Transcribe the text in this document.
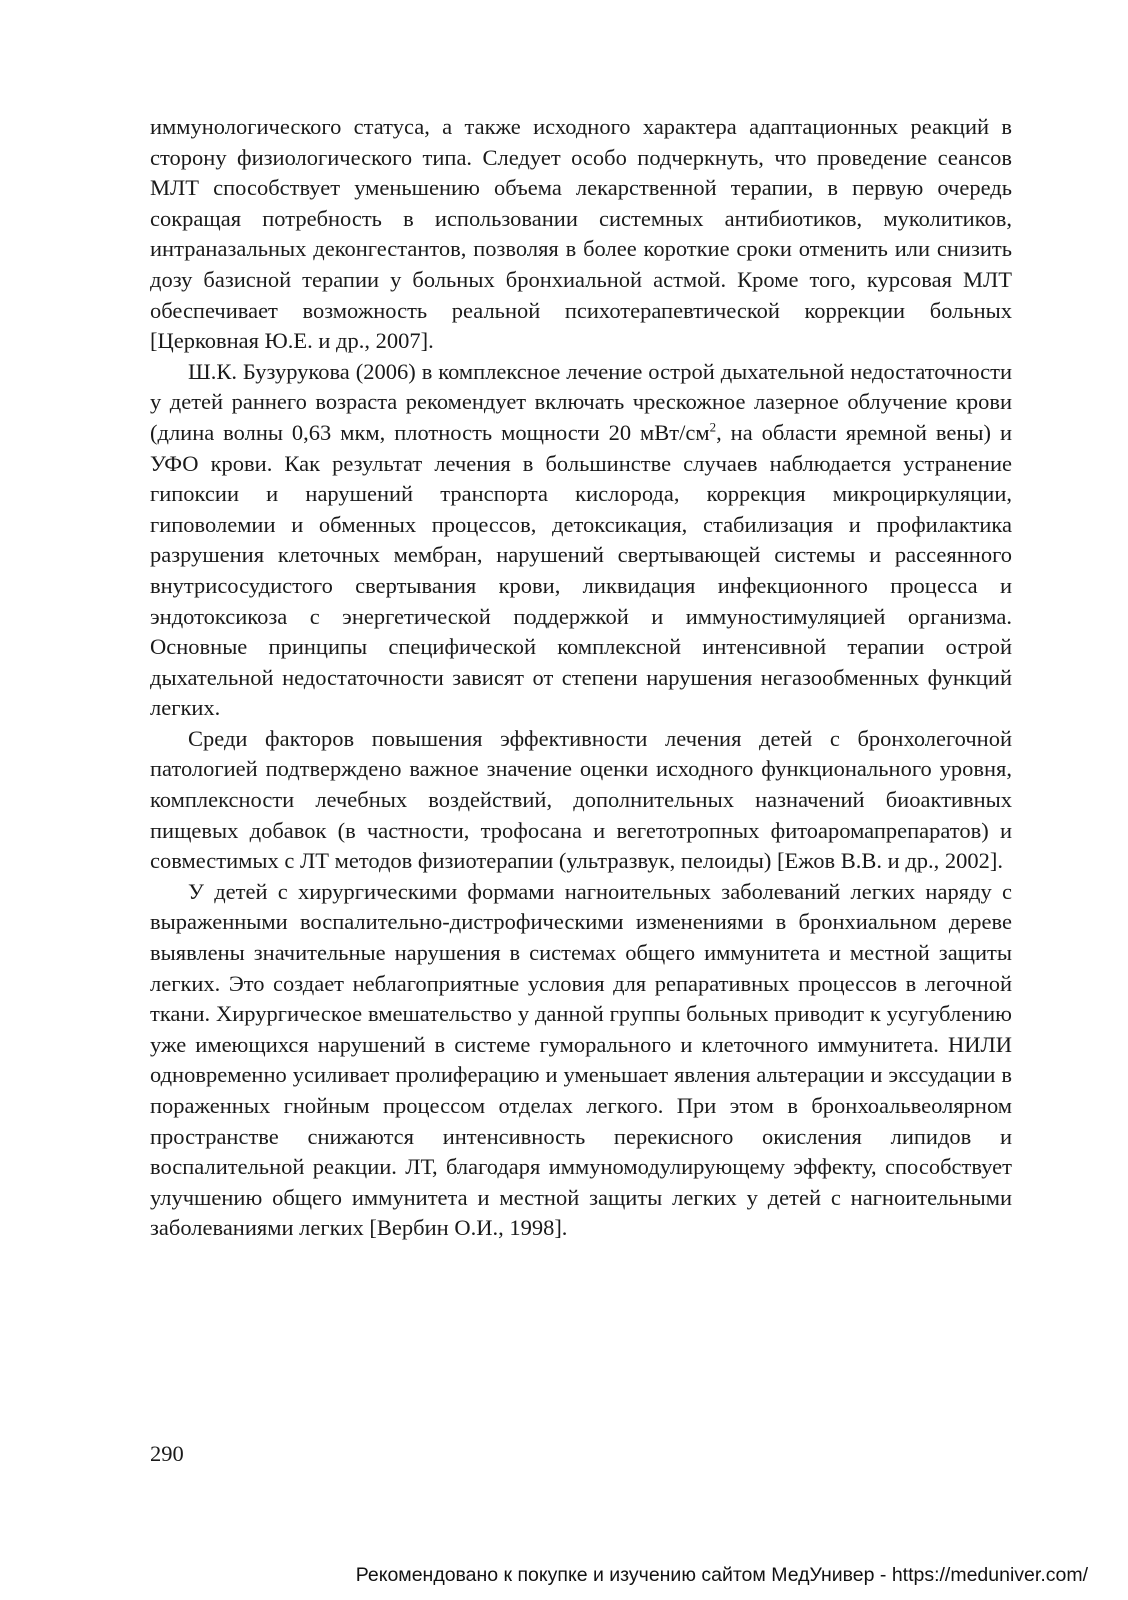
иммунологического статуса, а также исходного характера адаптационных реакций в сторону физиологического типа. Следует особо подчеркнуть, что проведение сеансов МЛТ способствует уменьшению объема лекарственной терапии, в первую очередь сокращая потребность в использовании системных антибиотиков, муколитиков, интраназальных деконгестантов, позволяя в более короткие сроки отменить или снизить дозу базисной терапии у больных бронхиальной астмой. Кроме того, курсовая МЛТ обеспечивает возможность реальной психотерапевтической коррекции больных [Церковная Ю.Е. и др., 2007].

Ш.К. Бузурукова (2006) в комплексное лечение острой дыхательной недостаточности у детей раннего возраста рекомендует включать чрескожное лазерное облучение крови (длина волны 0,63 мкм, плотность мощности 20 мВт/$см^2$, на области яремной вены) и УФО крови. Как результат лечения в большинстве случаев наблюдается устранение гипоксии и нарушений транспорта кислорода, коррекция микроциркуляции, гиповолемии и обменных процессов, детоксикация, стабилизация и профилактика разрушения клеточных мембран, нарушений свертывающей системы и рассеянного внутрисосудистого свертывания крови, ликвидация инфекционного процесса и эндотоксикоза с энергетической поддержкой и иммуностимуляцией организма. Основные принципы специфической комплексной интенсивной терапии острой дыхательной недостаточности зависят от степени нарушения негазообменных функций легких.

Среди факторов повышения эффективности лечения детей с бронхолегочной патологией подтверждено важное значение оценки исходного функционального уровня, комплексности лечебных воздействий, дополнительных назначений биоактивных пищевых добавок (в частности, трофосана и вегетотропных фитоаромапрепаратов) и совместимых с ЛТ методов физиотерапии (ультразвук, пелоиды) [Ежов В.В. и др., 2002].

У детей с хирургическими формами нагноительных заболеваний легких наряду с выраженными воспалительно-дистрофическими изменениями в бронхиальном дереве выявлены значительные нарушения в системах общего иммунитета и местной защиты легких. Это создает неблагоприятные условия для репаративных процессов в легочной ткани. Хирургическое вмешательство у данной группы больных приводит к усугублению уже имеющихся нарушений в системе гуморального и клеточного иммунитета. НИЛИ одновременно усиливает пролиферацию и уменьшает явления альтерации и экссудации в пораженных гнойным процессом отделах легкого. При этом в бронхоальвеолярном пространстве снижаются интенсивность перекисного окисления липидов и воспалительной реакции. ЛТ, благодаря иммуномодулирующему эффекту, способствует улучшению общего иммунитета и местной защиты легких у детей с нагноительными заболеваниями легких [Вербин О.И., 1998].

290
Рекомендовано к покупке и изучению сайтом МедУнивер - https://meduniver.com/
